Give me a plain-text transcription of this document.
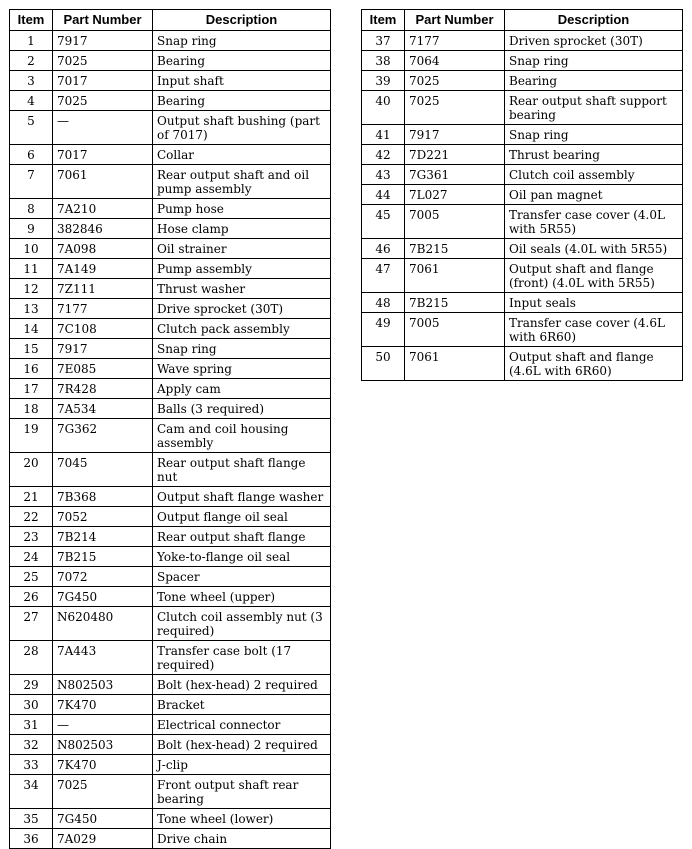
Item	Part Number	Description
1	7917	Snap ring
2	7025	Bearing
3	7017	Input shaft
4	7025	Bearing
5	—	Output shaft bushing (part of 7017)
6	7017	Collar
7	7061	Rear output shaft and oil pump assembly
8	7A210	Pump hose
9	382846	Hose clamp
10	7A098	Oil strainer
11	7A149	Pump assembly
12	7Z111	Thrust washer
13	7177	Drive sprocket (30T)
14	7C108	Clutch pack assembly
15	7917	Snap ring
16	7E085	Wave spring
17	7R428	Apply cam
18	7A534	Balls (3 required)
19	7G362	Cam and coil housing assembly
20	7045	Rear output shaft flange nut
21	7B368	Output shaft flange washer
22	7052	Output flange oil seal
23	7B214	Rear output shaft flange
24	7B215	Yoke-to-flange oil seal
25	7072	Spacer
26	7G450	Tone wheel (upper)
27	N620480	Clutch coil assembly nut (3 required)
28	7A443	Transfer case bolt (17 required)
29	N802503	Bolt (hex-head) 2 required
30	7K470	Bracket
31	—	Electrical connector
32	N802503	Bolt (hex-head) 2 required
33	7K470	J-clip
34	7025	Front output shaft rear bearing
35	7G450	Tone wheel (lower)
36	7A029	Drive chain
Item	Part Number	Description
37	7177	Driven sprocket (30T)
38	7064	Snap ring
39	7025	Bearing
40	7025	Rear output shaft support bearing
41	7917	Snap ring
42	7D221	Thrust bearing
43	7G361	Clutch coil assembly
44	7L027	Oil pan magnet
45	7005	Transfer case cover (4.0L with 5R55)
46	7B215	Oil seals (4.0L with 5R55)
47	7061	Output shaft and flange (front) (4.0L with 5R55)
48	7B215	Input seals
49	7005	Transfer case cover (4.6L with 6R60)
50	7061	Output shaft and flange (4.6L with 6R60)
